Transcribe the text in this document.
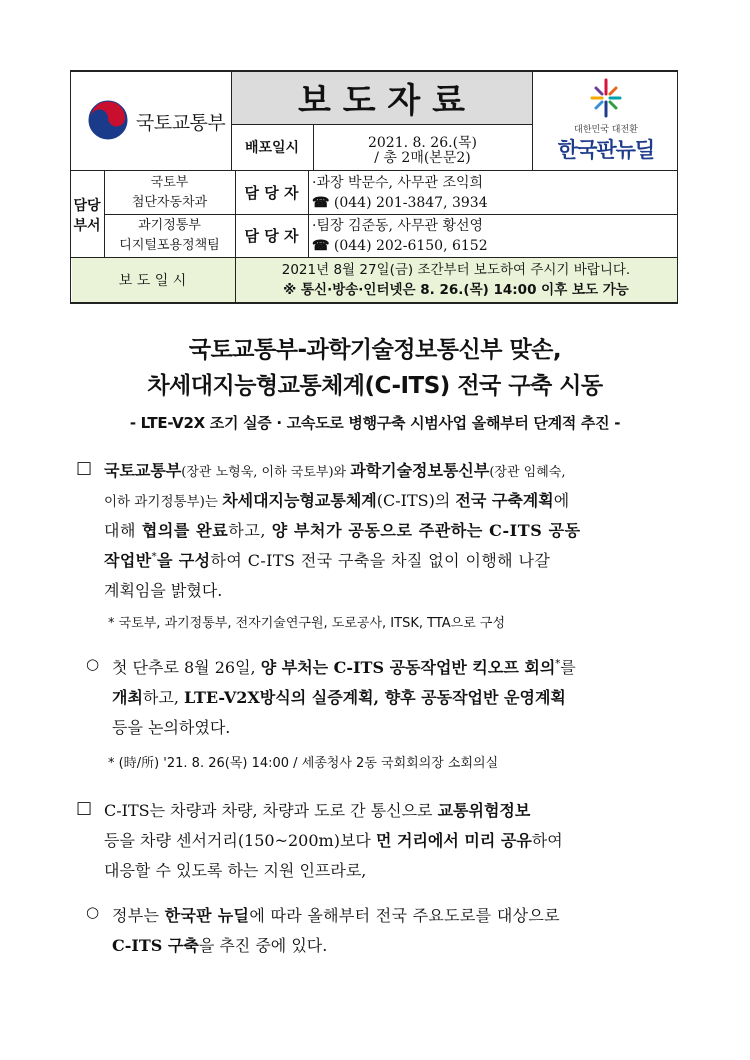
국토교통부
보 도 자 료
배포일시	2021. 8. 26.(목)
/ 총 2매(본문2)
대한민국 대전환
한국판뉴딜
담당
부서
국토부
첨단자동차과
담 당 자
·과장 박문수, 사무관 조익희
☎ (044) 201-3847, 3934
과기정통부
디지털포용정책팀
담 당 자
·팀장 김준동, 사무관 황선영
☎ (044) 202-6150, 6152
보 도 일 시
2021년 8월 27일(금) 조간부터 보도하여 주시기 바랍니다.
※ 통신·방송·인터넷은 8. 26.(목) 14:00 이후 보도 가능
국토교통부-과학기술정보통신부 맞손,
차세대지능형교통체계(C-ITS) 전국 구축 시동
- LTE-V2X 조기 실증 · 고속도로 병행구축 시범사업 올해부터 단계적 추진 -
□ 국토교통부(장관 노형욱, 이하 국토부)와 과학기술정보통신부(장관 임혜숙,
이하 과기정통부)는 차세대지능형교통체계(C-ITS)의 전국 구축계획에
대해 협의를 완료하고, 양 부처가 공동으로 주관하는 C-ITS 공동
작업반*을 구성하여 C-ITS 전국 구축을 차질 없이 이행해 나갈
계획임을 밝혔다.
* 국토부, 과기정통부, 전자기술연구원, 도로공사, ITSK, TTA으로 구성
○ 첫 단추로 8월 26일, 양 부처는 C-ITS 공동작업반 킥오프 회의*를
개최하고, LTE-V2X방식의 실증계획, 향후 공동작업반 운영계획
등을 논의하였다.
* (時/所) '21. 8. 26(목) 14:00 / 세종청사 2동 국회회의장 소회의실
□ C-ITS는 차량과 차량, 차량과 도로 간 통신으로 교통위험정보
등을 차량 센서거리(150~200m)보다 먼 거리에서 미리 공유하여
대응할 수 있도록 하는 지원 인프라로,
○ 정부는 한국판 뉴딜에 따라 올해부터 전국 주요도로를 대상으로
C-ITS 구축을 추진 중에 있다.
